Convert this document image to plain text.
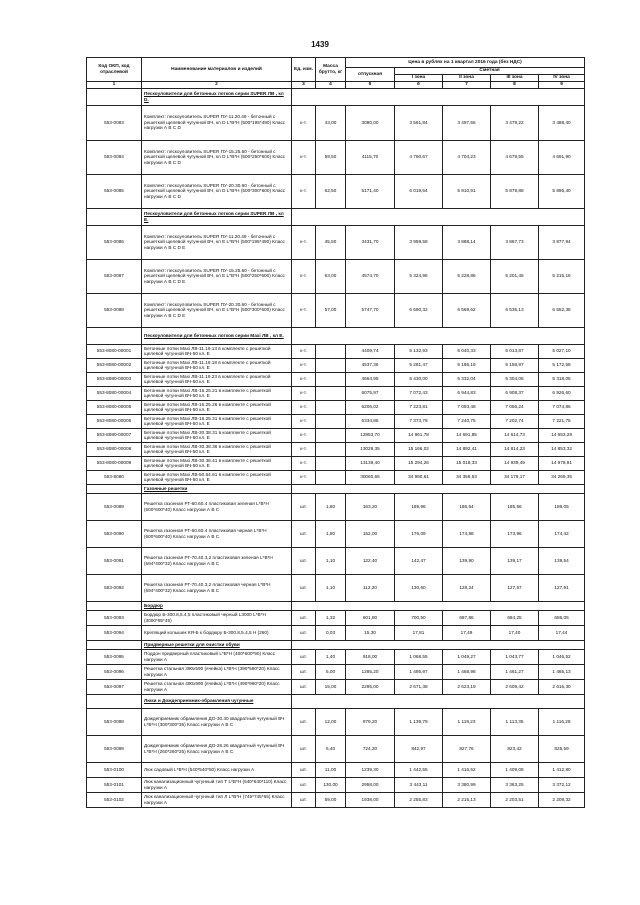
1439
Код ОКП, код отраслевой	Наименование материалов и изделий	Ед. изм.	Масса брутто, кг	Цена в рублях на 1 квартал 2016 года (без НДС)				
				отпускная	Сметная			
					I зона	II зона	III зона	IV зона
1	2	3	4	5	6	7	8	9
	Пескоуловители для бетонных лотков серии SUPER ЛВ , кл D.							
553-0083	Комплект: пескоуловитель SUPER ПУ-11.20.49 - бетонный с решеткой щелевой чугунной ВЧ, кл D L*B*H (500*195*490) Класс нагрузки А В С D	к-т.	43,00	3080,00	3 561,84	3 497,56	3 479,22	3 488,40
553-0084	Комплект: пескоуловитель SUPER ПУ-15.25.60 - бетонный с решеткой щелевой чугунной ВЧ, кл D L*B*H (500*250*600) Класс нагрузки А В С D	к-т.	59,50	4115,70	4 790,67	4 704,23	4 679,55	4 691,90
553-0085	Комплект: пескоуловитель SUPER ПУ-20.30.60 - бетонный с решеткой щелевой чугунной ВЧ, кл D L*B*H (500*300*600) Класс нагрузки А В С D	к-т.	62,50	5171,40	6 019,54	5 910,91	5 879,88	5 895,40
	Пескоуловители для бетонных лотков серии SUPER ЛВ , кл E.							
553-0086	Комплект: пескоуловитель SUPER ПУ-11.20.49 - бетонный с решеткой щелевой чугунной ВЧ, кл E L*B*H (500*195*490) Класс нагрузки А В С D E	к-т.	45,50	3431,70	3 959,58	3 888,14	3 867,73	3 877,94
553-0087	Комплект: пескоуловитель SUPER ПУ-15.25.60 - бетонный с решеткой щелевой чугунной ВЧ, кл E L*B*H (500*250*600) Класс нагрузки А В С D E	к-т.	63,00	4574,70	5 324,96	5 228,86	5 201,45	5 215,16
553-0088	Комплект: пескоуловитель SUPER ПУ-20.30.60 - бетонный с решеткой щелевой чугунной ВЧ, кл E L*B*H (500*300*600) Класс нагрузки А В С D E	к-т.	57,00	5747,70	6 690,32	6 569,62	6 535,13	6 552,38
	Пескоуловители для бетонных лотков серии Maxi ЛВ , кл E.							
553-8080-00001	Бетонные лотки Maxi ЛВ-11.19.13 в комплекте с решеткой щелевой чугунной ВЧ-50 кл. E	к-т.		4409,74	5 132,93	5 040,33	5 013,87	5 027,10
553-8080-00002	Бетонные лотки Maxi ЛВ-11.19.18 в комплекте с решеткой щелевой чугунной ВЧ-50 кл. E	к-т.		4537,36	5 281,47	5 186,19	5 158,97	5 172,58
553-8080-00003	Бетонные лотки Maxi ЛВ-11.19.23 в комплекте с решеткой щелевой чугунной ВЧ-50 кл. E	к-т.		4664,95	5 430,00	5 332,04	5 304,05	5 318,05
553-8080-00004	Бетонные лотки Maxi ЛВ-16.25.21 в комплекте с решеткой щелевой чугунной ВЧ-50 кл. E	к-т.		6075,97	7 072,43	6 944,83	6 908,37	6 926,60
553-8080-00005	Бетонные лотки Maxi ЛВ-16.25.26 в комплекте с решеткой щелевой чугунной ВЧ-50 кл. E	к-т.		6206,02	7 223,81	7 093,48	7 056,24	7 074,86
553-8080-00006	Бетонные лотки Maxi ЛВ-16.25.31 в комплекте с решеткой щелевой чугунной ВЧ-50 кл. E	к-т.		6334,85	7 373,78	7 240,75	7 202,74	7 221,75
553-8080-00007	Бетонные лотки Maxi ЛВ-30.38.31 в комплекте с решеткой щелевой чугунной ВЧ-50 кл. E	к-т.		12853,70	14 961,78	14 691,85	14 614,73	14 653,29
553-8080-00008	Бетонные лотки Maxi ЛВ-30.38.36 в комплекте с решеткой щелевой чугунной ВЧ-50 кл. E	к-т.		13029,35	15 166,02	14 892,41	14 814,23	14 853,32
553-8080-00009	Бетонные лотки Maxi ЛВ-30.38.41 в комплекте с решеткой щелевой чугунной ВЧ-50 кл. E	к-т.		13139,40	15 294,26	15 018,33	14 939,49	14 978,91
553-8080	Бетонные лотки Maxi ЛВ-50.64.61 в комплекте с решеткой щелевой чугунной ВЧ-50 кл. E	к-т.		30060,65	34 990,61	34 359,53	34 179,17	34 269,35
	Газонные решетки							
553-0089	Решетка газонная РГ-60.60.4 пластиковая зеленая L*B*H (600*600*40) Класс нагрузки А В С	шт.	1,80	163,20	189,96	186,54	185,56	186,05
553-0090	Решетка газонная РГ-60.60.4 пластиковая черная L*B*H (600*600*40) Класс нагрузки А В С	шт.	1,80	152,00	176,09	174,88	173,96	174,42
553-0091	Решетка газонная РГ-70.40.3,2 пластиковая зеленая L*B*H (694*400*32) Класс нагрузки А В С	шт.	1,10	122,40	142,47	139,90	139,17	139,54
553-0092	Решетка газонная РГ-70.40.3,2 пластиковая черная L*B*H (694*400*32) Класс нагрузки А В С	шт.	1,10	112,20	130,60	128,24	127,57	127,91
	Бордюр							
553-0093	Бордюр Б-300.8,5.4,5 пластиковый черный L3000 L*B*H (3000*85*45)	шт.	1,32	601,80	700,50	687,86	684,25	686,05
553-0094	Крепящий колышек КЯ-Б к бордюру Б-300.8,5.4,5 H (260)	шт.	0,03	15,30	17,81	17,49	17,40	17,44
	Придверные решетки для очистки обуви							
553-0095	Поддон придверный пластиковый L*B*H (400*600*90) Класс нагрузки А	шт.	1,40	918,00	1 068,55	1 049,27	1 043,77	1 046,52
553-0096	Решетка стальная 390х590 (ячейка) L*B*H (390*590*20) Класс нагрузки А	шт.	5,00	1285,20	1 495,97	1 468,98	1 461,27	1 465,13
553-0097	Решетка стальная 490х990 (ячейка) L*B*H (490*990*20) Класс нагрузки А	шт.	15,00	2295,00	2 671,38	2 623,19	2 609,42	2 616,30
	Люки и Дождеприемник-обрамления чугунные							
553-0098	Дождеприемник обрамления ДО-30.30 квадратный чугунный ВЧ L*B*H (300*300*35) Класс нагрузки А В С	шт.	12,00	979,20	1 139,79	1 119,23	1 113,35	1 116,29
553-0099	Дождеприемник обрамления ДО-26.26 квадратный чугунный ВЧ L*B*H (260*260*25) Класс нагрузки А В С	шт.	6,40	724,20	842,97	827,76	823,42	825,59
553-0100	Люк садовый L*B*H (540*540*50) Класс нагрузки А	шт.	11,00	1239,30	1 442,55	1 416,52	1 409,08	1 412,80
553-0101	Люк канализационный чугунный тип Т L*B*H (640*640*110) Класс нагрузки А	шт.	130,00	2958,00	3 443,11	3 380,99	3 363,25	3 372,12
553-0102	Люк канализационный чугунный тип Л L*B*H (745*745*65) Класс нагрузки А	шт.	59,00	1938,00	2 255,83	2 215,13	2 203,51	2 209,32
